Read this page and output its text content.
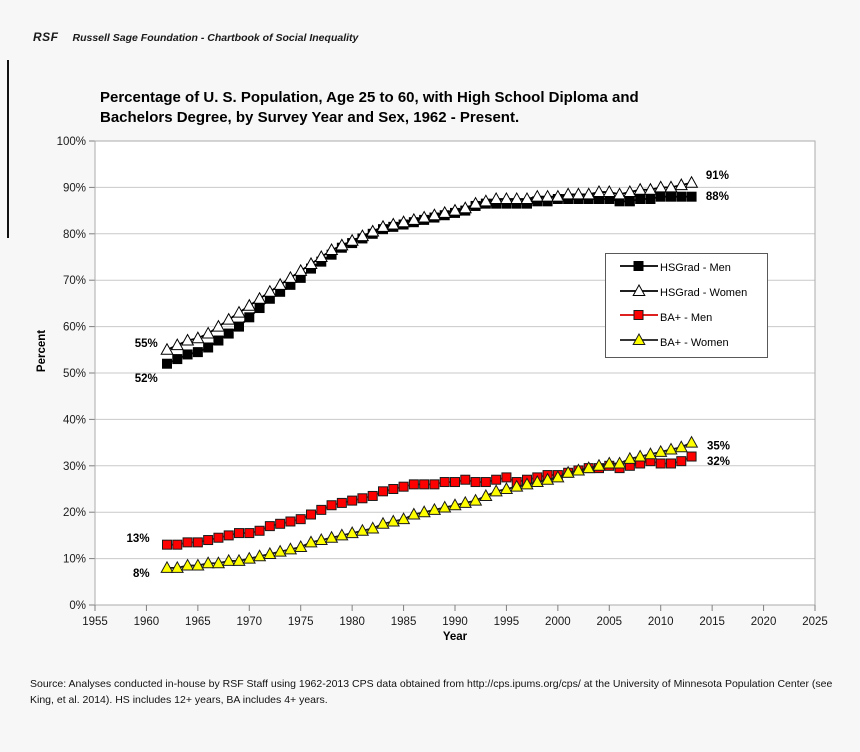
RSF Russell Sage Foundation - Chartbook of Social Inequality
Percentage of U. S. Population, Age 25 to 60, with High School Diploma and
Bachelors Degree, by Survey Year and Sex, 1962 - Present.
0%
10%
20%
30%
40%
50%
60%
70%
80%
90%
100%
1955 1960 1965 1970 1975 1980 1985 1990 1995 2000 2005 2010 2015 2020 2025
55%
52%
91%
88%
13%
8%
35%
32%
Percent
Year
HSGrad - Men
HSGrad - Women
BA+ - Men
BA+ - Women
Source: Analyses conducted in-house by RSF Staff using 1962-2013 CPS data obtained from http://cps.ipums.org/cps/ at the University of Minnesota Population Center (see King, et al. 2014). HS includes 12+ years, BA includes 4+ years.
